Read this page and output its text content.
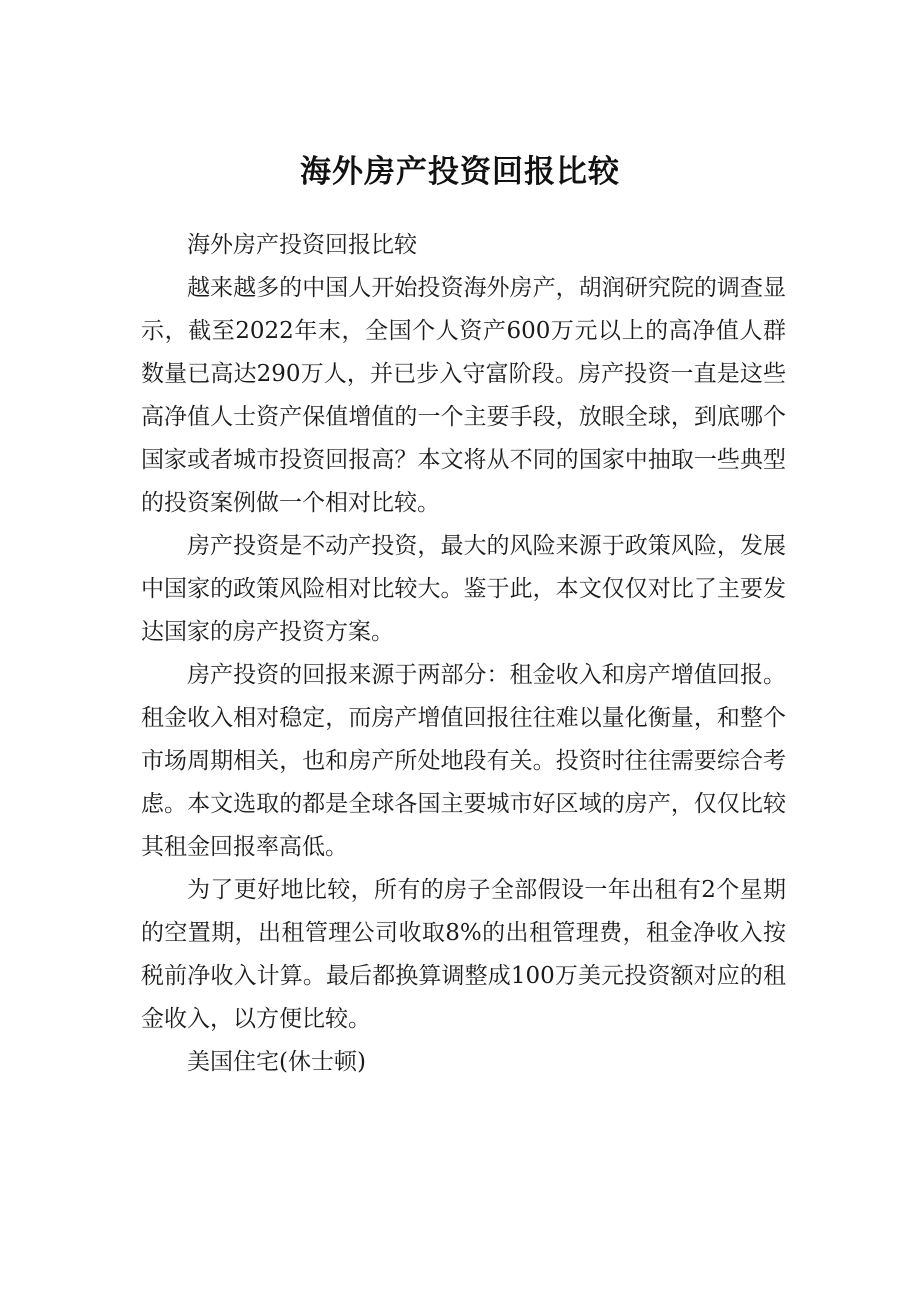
海外房产投资回报比较

海外房产投资回报比较

越来越多的中国人开始投资海外房产，胡润研究院的调查显示，截至2022年末，全国个人资产600万元以上的高净值人群数量已高达290万人，并已步入守富阶段。房产投资一直是这些高净值人士资产保值增值的一个主要手段，放眼全球，到底哪个国家或者城市投资回报高？本文将从不同的国家中抽取一些典型的投资案例做一个相对比较。

房产投资是不动产投资，最大的风险来源于政策风险，发展中国家的政策风险相对比较大。鉴于此，本文仅仅对比了主要发达国家的房产投资方案。

房产投资的回报来源于两部分：租金收入和房产增值回报。租金收入相对稳定，而房产增值回报往往难以量化衡量，和整个市场周期相关，也和房产所处地段有关。投资时往往需要综合考虑。本文选取的都是全球各国主要城市好区域的房产，仅仅比较其租金回报率高低。

为了更好地比较，所有的房子全部假设一年出租有2个星期的空置期，出租管理公司收取8%的出租管理费，租金净收入按税前净收入计算。最后都换算调整成100万美元投资额对应的租金收入，以方便比较。

美国住宅(休士顿)
